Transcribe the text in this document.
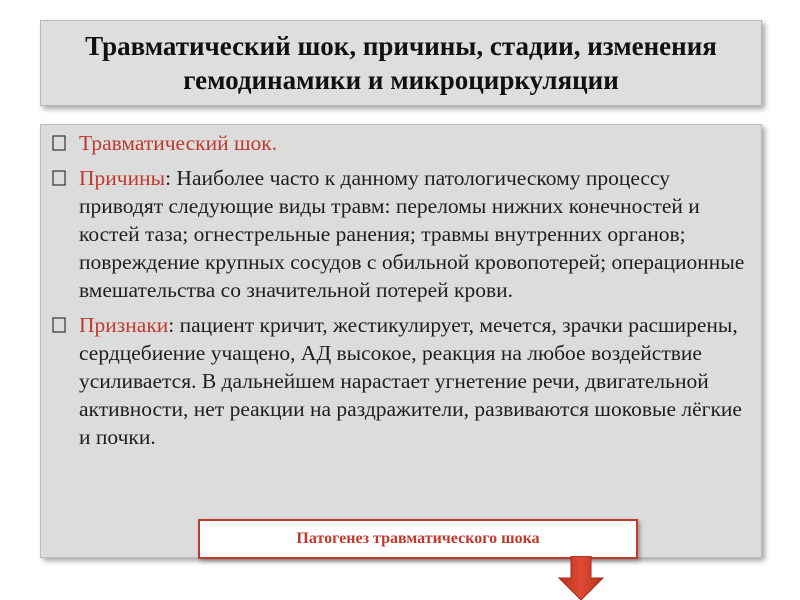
Травматический шок, причины, стадии, изменения гемодинамики и микроциркуляции
Травматический шок.
Причины: Наиболее часто к данному патологическому процессу приводят следующие виды травм: переломы нижних конечностей и костей таза; огнестрельные ранения; травмы внутренних органов; повреждение крупных сосудов с обильной кровопотерей; операционные вмешательства со значительной потерей крови.
Признаки: пациент кричит, жестикулирует, мечется, зрачки расширены, сердцебиение учащено, АД высокое, реакция на любое воздействие усиливается. В дальнейшем нарастает угнетение речи, двигательной активности, нет реакции на раздражители, развиваются шоковые лёгкие и почки.
Патогенез травматического шока
